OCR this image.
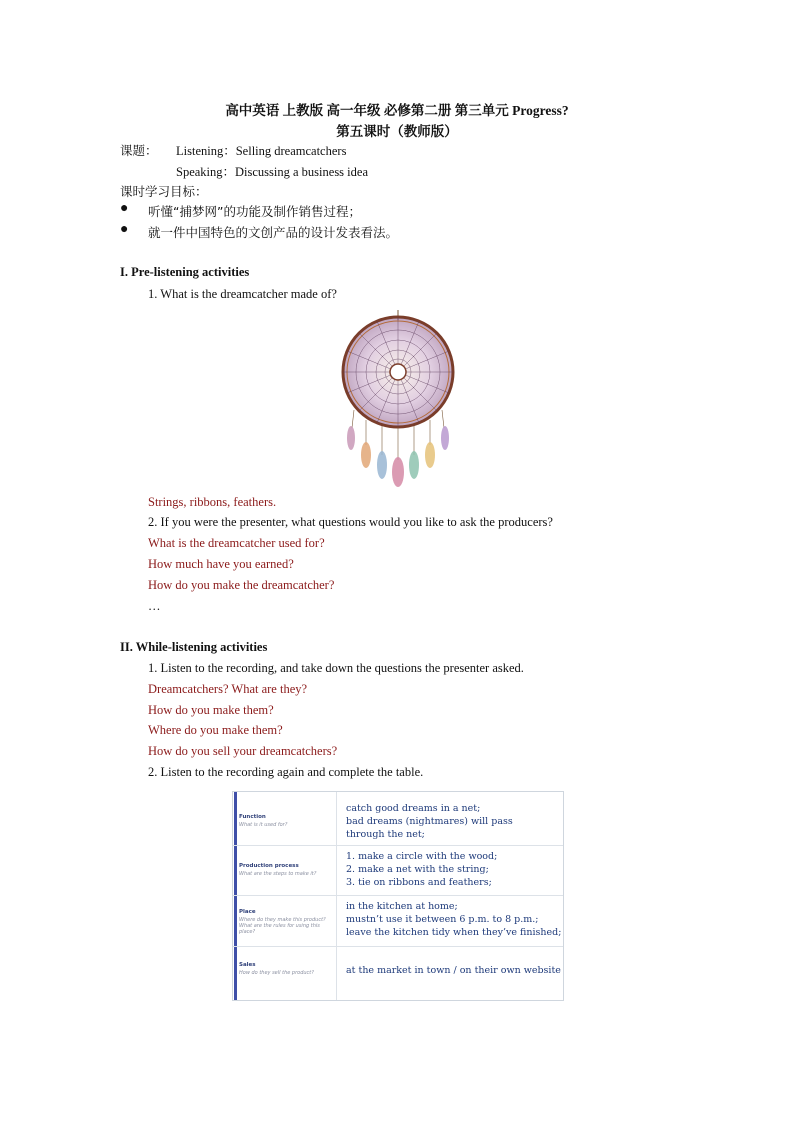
高中英语 上教版 高一年级 必修第二册 第三单元 Progress?
第五课时（教师版）
课题： Listening：Selling dreamcatchers
Speaking：Discussing a business idea
课时学习目标：
● 听懂“捕梦网”的功能及制作销售过程；
● 就一件中国特色的文创产品的设计发表看法。
I. Pre-listening activities
1. What is the dreamcatcher made of?
Strings, ribbons, feathers.
2. If you were the presenter, what questions would you like to ask the producers?
What is the dreamcatcher used for?
How much have you earned?
How do you make the dreamcatcher?
…
II. While-listening activities
1. Listen to the recording, and take down the questions the presenter asked.
Dreamcatchers? What are they?
How do you make them?
Where do you make them?
How do you sell your dreamcatchers?
2. Listen to the recording again and complete the table.
Function
What is it used for?
catch good dreams in a net;
bad dreams (nightmares) will pass
through the net;
Production process
What are the steps to make it?
1. make a circle with the wood;
2. make a net with the string;
3. tie on ribbons and feathers;
Place
Where do they make this product? What are the rules for using this place?
in the kitchen at home;
mustn’t use it between 6 p.m. to 8 p.m.;
leave the kitchen tidy when they’ve finished;
Sales
How do they sell the product?	at the market in town / on their own website
